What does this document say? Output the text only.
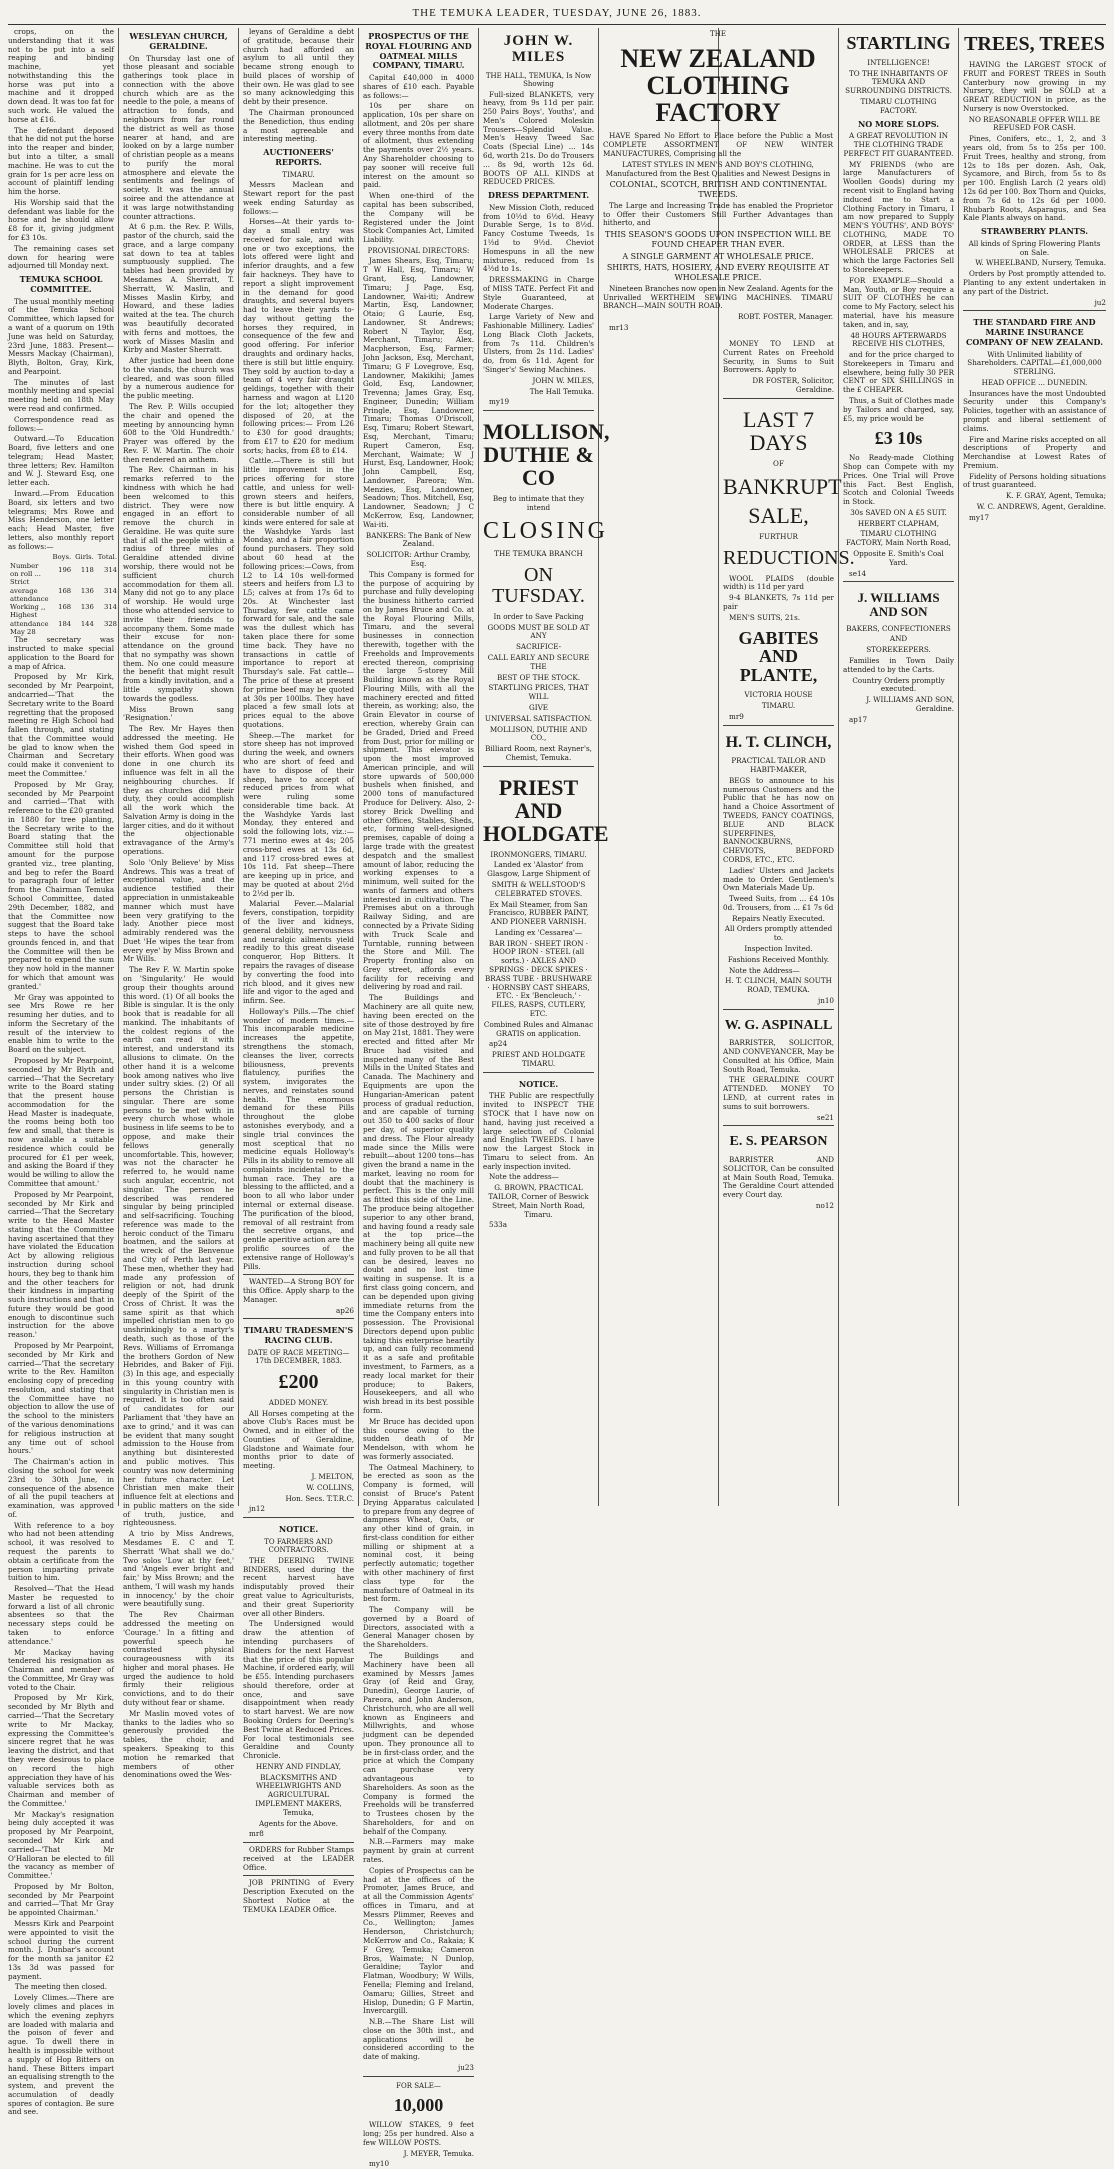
THE TEMUKA LEADER, TUESDAY, JUNE 26, 1883.

crops, on the understanding that it was not to be put into a self reaping and binding machine, yet notwithstanding this the horse was put into a machine and it dropped down dead. It was too fat for such work. He valued the horse at £16.

The defendant deposed that he did not put the horse into the reaper and binder, but into a tilter, a small machine. He was to cut the grain for 1s per acre less on account of plaintiff lending him the horse.

His Worship said that the defendant was liable for the horse and he should allow £8 for it, giving judgment for £3 10s.

The remaining cases set down for hearing were adjourned till Monday next.

TEMUKA SCHOOL COMMITTEE.

The usual monthly meeting of the Temuka School Committee, which lapsed for a want of a quorum on 19th June was held on Saturday, 23rd June, 1883. Present—Messrs Mackay (Chairman), Blyth, Bolton, Gray, Kirk, and Pearpoint.

The minutes of last monthly meeting and special meeting held on 18th May were read and confirmed.

Correspondence read as follows:—

Outward.—To Education Board, five letters and one telegram; Head Master, three letters; Rev. Hamilton and W. J. Steward Esq, one letter each.

Inward.—From Education Board, six letters and two telegrams; Mrs Rowe and Miss Henderson, one letter each; Head Master, five letters, also monthly report as follows:—

	Boys.	Girls.	Total.
Number on roll ...	196	118	314
Strict average attendance	168	136	314
Working ,,	168	136	314
Highest attendance May 28	184	144	328

The secretary was instructed to make special application to the Board for a map of Africa.

Proposed by Mr Kirk, seconded by Mr Pearpoint, andcarried—'That the Secretary write to the Board regretting that the proposed meeting re High School had fallen through, and stating that the Committee would be glad to know when the Chairman and Secretary could make it convenient to meet the Committee.'

Proposed by Mr Gray, seconded by Mr Pearpoint and carried—'That with reference to the £20 granted in 1880 for tree planting, the Secretary write to the Board stating that the Committee still hold that amount for the purpose granted viz., tree planting, and beg to refer the Board to paragraph four of letter from the Chairman Temuka School Committee, dated 29th December, 1882, and that the Committee now suggest that the Board take steps to have the school grounds fenced in, and that the Committee will then be prepared to expend the sum they now hold in the manner for which that amount was granted.'

Mr Gray was appointed to see Mrs Rowe re her resuming her duties, and to inform the Secretary of the result of the interview to enable him to write to the Board on the subject.

Proposed by Mr Pearpoint, seconded by Mr Blyth and carried—'That the Secretary write to the Board stating that the present house accommodation for the Head Master is inadequate, the rooms being both too few and small, that there is now available a suitable residence which could be procured for £1 per week, and asking the Board if they would be willing to allow the Committee that amount.'

Proposed by Mr Pearpoint, seconded by Mr Kirk and carried—'That the Secretary write to the Head Master stating that the Committee having ascertained that they have violated the Education Act by allowing religious instruction during school hours, they beg to thank him and the other teachers for their kindness in imparting such instructions and that in future they would be good enough to discontinue such instruction for the above reason.'

Proposed by Mr Pearpoint, seconded by Mr Kirk and carried—'That the secretary write to the Rev. Hamilton enclosing copy of preceding resolution, and stating that the Committee have no objection to allow the use of the school to the ministers of the various denominations for religious instruction at any time out of school hours.'

The Chairman's action in closing the school for week 23rd to 30th June, in consequence of the absence of all the pupil teachers at examination, was approved of.

With reference to a boy who had not been attending school, it was resolved to request the parents to obtain a certificate from the person imparting private tuition to him.

Resolved—'That the Head Master be requested to forward a list of all chronic absentees so that the necessary steps could be taken to enforce attendance.'

Mr Mackay having tendered his resignation as Chairman and member of the Committee, Mr Gray was voted to the Chair.

Proposed by Mr Kirk, seconded by Mr Blyth and carried—'That the Secretary write to Mr Mackay, expressing the Committee's sincere regret that he was leaving the district, and that they were desirous to place on record the high appreciation they have of his valuable services both as Chairman and member of the Committee.'

Mr Mackay's resignation being duly accepted it was proposed by Mr Pearpoint, seconded Mr Kirk and carried—'That Mr O'Halloran be elected to fill the vacancy as member of Committee.'

Proposed by Mr Bolton, seconded by Mr Pearpoint and carried—'That Mr Gray be appointed Chairman.'

Messrs Kirk and Pearpoint were appointed to visit the school during the current month. J. Dunbar's account for the month sa janitor £2 13s 3d was passed for payment.

The meeting then closed.

Lovely Climes.—There are lovely climes and places in which the evening zephyrs are loaded with malaria and the poison of fever and ague. To dwell there in health is impossible without a supply of Hop Bitters on hand. These Bitters impart an equalising strength to the system, and prevent the accumulation of deadly spores of contagion. Be sure and see.

WESLEYAN CHURCH, GERALDINE.

On Thursday last one of those pleasant and sociable gatherings took place in connection with the above church which are as the needle to the pole, a means of attraction to fonds, and neighbours from far round the district as well as those nearer at hand, and are looked on by a large number of christian people as a means to purify the moral atmosphere and elevate the sentiments and feelings of society. It was the annual soiree and the attendance at it was large notwithstanding counter attractions.

At 6 p.m. the Rev. P. Wills, pastor of the church, said the grace, and a large company sat down to tea at tables sumptuously supplied. The tables had been provided by Mesdames A. Sherratt, T. Sherratt, W. Maslin, and Misses Maslin Kirby, and Howard, and these ladies waited at the tea. The church was beautifully decorated with ferns and mottoes, the work of Misses Maslin and Kirby and Master Sherratt.

After justice had been done to the viands, the church was cleared, and was soon filled by a numerous audience for the public meeting.

The Rev. P. Wills occupied the chair and opened the meeting by announcing hymn 608 to the 'Old Hundredth.' Prayer was offered by the Rev. F. W. Martin. The choir then rendered an anthem.

The Rev. Chairman in his remarks referred to the kindness with which he had been welcomed to this district. They were now engaged in an effort to remove the church in Geraldine. He was quite sure that if all the people within a radius of three miles of Geraldine attended divine worship, there would not be sufficient church accommodation for them all. Many did not go to any place of worship. He would urge those who attended service to invite their friends to accompany them. Some made their excuse for non-attendance on the ground that no sympathy was shown them. No one could measure the benefit that might result from a kindly invitation, and a little sympathy shown towards the godless.

Miss Brown sang 'Resignation.'

The Rev. Mr Hayes then addressed the meeting. He wished them God speed in their efforts. When good was done in one church its influence was felt in all the neighbouring churches. If they as churches did their duty, they could accomplish all the work which the Salvation Army is doing in the larger cities, and do it without the objectionable extravagance of the Army's operations.

Solo 'Only Believe' by Miss Andrews. This was a treat of exceptional value, and the audience testified their appreciation in unmistakeable manner which must have been very gratifying to the lady. Another piece most admirably rendered was the Duet 'He wipes the tear from every eye' by Miss Brown and Mr Wills.

The Rev F. W. Martin spoke on 'Singularity.' He would group their thoughts around this word. (1) Of all books the Bible is singular. It is the only book that is readable for all mankind. The inhabitants of the coldest regions of the earth can read it with interest, and understand its allusions to climate. On the other hand it is a welcome book among natives who live under sultry skies. (2) Of all persons the Christian is singular. There are some persons to be met with in every church whose whole business in life seems to be to oppose, and make their fellows generally uncomfortable. This, however, was not the character he referred to, he would name such angular, eccentric, not singular. The person he described was rendered singular by being principled and self-sacrificing. Touching reference was made to the heroic conduct of the Timaru boatmen, and the sailors at the wreck of the Benvenue and City of Perth last year. These men, whether they had made any profession of religion or not, had drunk deeply of the Spirit of the Cross of Christ. It was the same spirit as that which impelled christian men to go unshrinkingly to a martyr's death, such as those of the Revs. Williams of Erromanga the brothers Gordon of New Hebrides, and Baker of Fiji. (3) In this age, and especially in this young country with singularity in Christian men is required. It is too often said of candidates for our Parliament that 'they have an axe to grind,' and it was can be evident that many sought admission to the House from anything but disinterested and public motives. This country was now determining her future character. Let Christian men make their influence felt at elections and in public matters on the side of truth, justice, and righteousness.

A trio by Miss Andrews, Mesdames E. C and T. Sherratt 'What shall we do.' Two solos 'Low at thy feet,' and 'Angels ever bright and fair,' by Miss Brown; and the anthem, 'I will wash my hands in innocency,' by the choir were beautifully sung.

The Rev Chairman addressed the meeting on 'Courage.' In a fitting and powerful speech he contrasted physical courageousness with its higher and moral phases. He urged the audience to hold firmly their religious convictions, and to do their duty without fear or shame.

Mr Maslin moved votes of thanks to the ladies who so generously provided the tables, the choir, and speakers. Speaking to this motion he remarked that members of other denominations owed the Wes-

leyans of Geraldine a debt of gratitude, because their church had afforded an asylum to all until they became strong enough to build places of worship of their own. He was glad to see so many acknowledging this debt by their presence.

The Chairman pronounced the Benediction, thus ending a most agreeable and interesting meeting.

AUCTIONEERS' REPORTS.
TIMARU.

Messrs Maclean and Stewart report for the past week ending Saturday as follows:—

Horses—At their yards to-day a small entry was received for sale, and with one or two exceptions, the lots offered were light and inferior draughts, and a few fair hackneys. They have to report a slight improvement in the demand for good draughts, and several buyers had to leave their yards to-day without getting the horses they required, in consequence of the few and good offering. For inferior draughts and ordinary hacks, there is still but little enquiry. They sold by auction to-day a team of 4 very fair draught geldings, together with their harness and wagon at L120 for the lot; altogether they disposed of 20, at the following prices:— From L26 to £30 for good draughts; from £17 to £20 for medium sorts; hacks, from £8 to £14.

Cattle.—There is still but little improvement in the prices offering for store cattle, and unless for well-grown steers and heifers, there is but little enquiry. A considerable number of all kinds were entered for sale at the Washdyke Yards last Monday, and a fair proportion found purchasers. They sold about 60 head at the following prices:—Cows, from L2 to L4 10s well-formed steers and heifers from L3 to L5; calves at from 17s 6d to 20s. At Winchester last Thursday, few cattle came forward for sale, and the sale was the dullest which has taken place there for some time back. They have no transactions in cattle of importance to report at Thursday's sale. Fat cattle—The price of these at present for prime beef may be quoted at 30s per 100lbs. They have placed a few small lots at prices equal to the above quotations.

Sheep.—The market for store sheep has not improved during the week, and owners who are short of feed and have to dispose of their sheep, have to accept of reduced prices from what were ruling some considerable time back. At the Washdyke Yards last Monday, they entered and sold the following lots, viz.:—771 merino ewes at 4s; 205 cross-bred ewes at 13s 6d, and 117 cross-bred ewes at 10s 11d. Fat sheep—There are keeping up in price, and may be quoted at about 2½d to 2½d per lb.

Malarial Fever.—Malarial fevers, constipation, torpidity of the liver and kidneys, general debility, nervousness and neuralgic ailments yield readily to this great disease conqueror, Hop Bitters. It repairs the ravages of disease by converting the food into rich blood, and it gives new life and vigor to the aged and infirm. See.

Holloway's Pills.—The chief wonder of modern times.—This incomparable medicine increases the appetite, strengthens the stomach, cleanses the liver, corrects biliousness, prevents flatulency, purifies the system, invigorates the nerves, and reinstates sound health. The enormous demand for these Pills throughout the globe astonishes everybody, and a single trial convinces the most sceptical that no medicine equals Holloway's Pills in its ability to remove all complaints incidental to the human race. They are a blessing to the afflicted, and a boon to all who labor under internal or external disease. The purification of the blood, removal of all restraint from the secretive organs, and gentle aperitive action are the prolific sources of the extensive range of Holloway's Pills.

WANTED—A Strong BOY for this Office. Apply sharp to the Manager.

ap26

TIMARU TRADESMEN'S RACING CLUB.
DATE OF RACE MEETING— 17th DECEMBER, 1883.
£200
ADDED MONEY.

All Horses competing at the above Club's Races must be Owned, and in either of the Counties of Geraldine, Gladstone and Waimate four months prior to date of meeting.

J. MELTON,

W. COLLINS,

Hon. Secs. T.T.R.C.

jn12

NOTICE.
TO FARMERS AND CONTRACTORS.

THE DEERING TWINE BINDERS, used during the recent harvest have indisputably proved their great value to Agriculturists, and their great Superiority over all other Binders.

The Undersigned would draw the attention of intending purchasers of Binders for the next Harvest that the price of this popular Machine, if ordered early, will be £55. Intending purchasers should therefore, order at once, and save disappointment when ready to start harvest. We are now Booking Orders for Deering's Best Twine at Reduced Prices. For local testimonials see Geraldine and County Chronicle.

HENRY AND FINDLAY,

BLACKSMITHS AND WHEELWRIGHTS AND AGRICULTURAL IMPLEMENT MAKERS, Temuka,

Agents for the Above.

mr8

ORDERS for Rubber Stamps received at the LEADER Office.

JOB PRINTING of Every Description Executed on the Shortest Notice at the TEMUKA LEADER Office.

PROSPECTUS OF THE ROYAL FLOURING AND OATMEAL MILLS COMPANY, TIMARU.

Capital £40,000 in 4000 shares of £10 each. Payable as follows:—

10s per share on application, 10s per share on allotment, and 20s per share every three months from date of allotment, thus extending the payments over 2½ years. Any Shareholder choosing to pay sooner will receive full interest on the amount so paid.

When one-third of the capital has been subscribed, the Company will be Registered under the Joint Stock Companies Act, Limited Liability.

PROVISIONAL DIRECTORS:

James Shears, Esq, Timaru; T W Hall, Esq, Timaru; W Grant, Esq, Landowner, Timaru; J Page, Esq, Landowner, Wai-iti; Andrew Martin, Esq, Landowner, Otaio; G Laurie, Esq, Landowner, St Andrews; Robert N Taylor, Esq, Merchant, Timaru; Alex. Macpherson, Esq, Farmer; John Jackson, Esq, Merchant, Timaru; G F Lovegrove, Esq, Landowner, Makikihi; James Gold, Esq, Landowner, Trevenna; James Gray, Esq, Engineer, Dunedin; William Pringle, Esq, Landowner, Timaru; Thomas O'Driscoll, Esq, Timaru; Robert Stewart, Esq, Merchant, Timaru; Rupert Cameron, Esq, Merchant, Waimate; W J Hurst, Esq, Landowner, Hook; John Campbell, Esq, Landowner, Pareora; Wm. Menzies, Esq, Landowner, Seadown; Thos. Mitchell, Esq, Landowner, Seadown; J C McKerrow, Esq, Landowner, Wai-iti.

BANKERS: The Bank of New Zealand.

SOLICITOR: Arthur Cramby, Esq.

This Company is formed for the purpose of acquiring by purchase and fully developing the business hitherto carried on by James Bruce and Co. at the Royal Flouring Mills, Timaru, and the several businesses in connection therewith, together with the Freeholds and Improvements erected thereon, comprising the large 5-storey Mill Building known as the Royal Flouring Mills, with all the machinery erected and fitted therein, as working; also, the Grain Elevator in course of erection, whereby Grain can be Graded, Dried and Freed from Dust, prior for milling or shipment. This elevator is upon the most improved American principle, and will store upwards of 500,000 bushels when finished, and 2000 tons of manufactured Produce for Delivery. Also, 2-storey Brick Dwelling and other Offices, Stables, Sheds, etc, forming well-designed premises, capable of doing a large trade with the greatest despatch and the smallest amount of labor, reducing the working expenses to a minimum, well suited for the wants of farmers and others interested in cultivation. The Premises abut on a through Railway Siding, and are connected by a Private Siding with Truck Scale and Turntable, running between the Store and Mill. The Property fronting also on Grey street, affords every facility for receiving and delivering by road and rail.

The Buildings and Machinery are all quite new, having been erected on the site of those destroyed by fire on May 21st, 1881. They were erected and fitted after Mr Bruce had visited and inspected many of the Best Mills in the United States and Canada. The Machinery and Equipments are upon the Hungarian-American patent process of gradual reduction, and are capable of turning out 350 to 400 sacks of flour per day, of superior quality and dress. The Flour already made since the Mills were rebuilt—about 1200 tons—has given the brand a name in the market, leaving no room for doubt that the machinery is perfect. This is the only mill as fitted this side of the Line. The produce being altogether superior to any other brand, and having found a ready sale at the top price—the machinery being all quite new and fully proven to be all that can be desired, leaves no doubt and no lost time waiting in suspense. It is a first class going concern, and can be depended upon giving immediate returns from the time the Company enters into possession. The Provisional Directors depend upon public taking this enterprise heartily up, and can fully recommend it as a safe and profitable investment, to Farmers, as a ready local market for their produce; to Bakers, Housekeepers, and all who wish bread in its best possible form.

Mr Bruce has decided upon this course owing to the sudden death of Mr Mendelson, with whom he was formerly associated.

The Oatmeal Machinery, to be erected as soon as the Company is formed, will consist of Bruce's Patent Drying Apparatus calculated to prepare from any degree of dampness Wheat, Oats, or any other kind of grain, in first-class condition for either milling or shipment at a nominal cost, it being perfectly automatic; together with other machinery of first class type for the manufacture of Oatmeal in its best form.

The Company will be governed by a Board of Directors, associated with a General Manager chosen by the Shareholders.

The Buildings and Machinery have been all examined by Messrs James Gray (of Reid and Gray, Dunedin), George Laurie, of Pareora, and John Anderson, Christchurch, who are all well known as Engineers and Millwrights, and whose judgment can be depended upon. They pronounce all to be in first-class order, and the price at which the Company can purchase very advantageous to Shareholders. As soon as the Company is formed the Freeholds will be transferred to Trustees chosen by the Shareholders, for and on behalf of the Company.

N.B.—Farmers may make payment by grain at current rates.

Copies of Prospectus can be had at the offices of the Promoter, James Bruce, and at all the Commission Agents' offices in Timaru, and at Messrs Plimmer, Reeves and Co., Wellington; James Henderson, Christchurch; McKerrow and Co., Rakaia; K F Grey, Temuka; Cameron Bros, Waimate; N Dunlop, Geraldine; Taylor and Flatman, Woodbury; W Wills, Fenella; Fleming and Ireland, Oamaru; Gillies, Street and Hislop, Dunedin; G F Martin, Invercargill.

N.B.—The Share List will close on the 30th inst., and applications will be considered according to the date of making.

ju23

FOR SALE—
10,000

WILLOW STAKES, 9 feet long; 25s per hundred. Also a few WILLOW POSTS.

J. MEYER, Temuka.

my10

JOHN W. MILES
THE HALL, TEMUKA, Is Now Showing

Full-sized BLANKETS, very heavy, from 9s 11d per pair. 250 Pairs Boys', Youths', and Men's Colored Moleskin Trousers—Splendid Value. Men's Heavy Tweed Sac Coats (Special Line) ... 14s 6d, worth 21s. Do do Trousers ... 8s 9d, worth 12s 6d. BOOTS OF ALL KINDS at REDUCED PRICES.

DRESS DEPARTMENT.

New Mission Cloth, reduced from 10½d to 6½d. Heavy Durable Serge, 1s to 8½d. Fancy Costume Tweeds, 1s 1½d to 9½d. Cheviot Homespuns in all the new mixtures, reduced from 1s 4½d to 1s.

DRESSMAKING in Charge of MISS TATE. Perfect Fit and Style Guaranteed, at Moderate Charges.

Large Variety of New and Fashionable Millinery. Ladies' Long Black Cloth Jackets, from 7s 11d. Children's Ulsters, from 2s 11d. Ladies' do, from 6s 11d. Agent for 'Singer's' Sewing Machines.

JOHN W. MILES,

The Hall Temuka.

my19

MOLLISON, DUTHIE & CO

Beg to intimate that they intend

CLOSING

THE TEMUKA BRANCH

ON TUFSDAY.

In order to Save Packing

GOODS MUST BE SOLD AT ANY

SACRIFICE-

CALL EARLY AND SECURE THE

BEST OF THE STOCK.

STARTLING PRICES, THAT WILL

GIVE

UNIVERSAL SATISFACTION.

MOLLISON, DUTHIE AND CO.,

Billiard Room, next Rayner's, Chemist, Temuka.

PRIEST AND HOLDGATE
IRONMONGERS, TIMARU.

Landed ex 'Alastor' from Glasgow, Large Shipment of

SMITH & WELLSTOOD'S CELEBRATED STOVES.

Ex Mail Steamer, from San Francisco, RUBBER PAINT, AND PIONEER VARNISH.

Landing ex 'Cessarea'—

BAR IRON · SHEET IRON · HOOP IRON · STEEL (all sorts.) · AXLES AND SPRINGS · DECK SPIKES · BRASS TUBE · BRUSHWARE · HORNSBY CAST SHEARS, ETC. · Ex 'Bencleuch,' · FILES, RASPS, CUTLERY, ETC.

Combined Rules and Almanac GRATIS on application.

ap24

PRIEST AND HOLDGATE TIMARU.

NOTICE.

THE Public are respectfully invited to INSPECT THE STOCK that I have now on hand, having just received a large selection of Colonial and English TWEEDS. I have now the Largest Stock in Timaru to select from. An early inspection invited.

Note the address—

G. BROWN, PRACTICAL TAILOR, Corner of Beswick Street, Main North Road, Timaru.

533a

THE
NEW ZEALAND CLOTHING FACTORY

HAVE Spared No Effort to Place before the Public a Most COMPLETE ASSORTMENT OF NEW WINTER MANUFACTURES, Comprising all the

LATEST STYLES IN MEN'S AND BOY'S CLOTHING, Manufactured from the Best Qualities and Newest Designs in

COLONIAL, SCOTCH, BRITISH AND CONTINENTAL TWEEDS.

The Large and Increasing Trade has enabled the Proprietor to Offer their Customers Still Further Advantages than hitherto, and

THIS SEASON'S GOODS UPON INSPECTION WILL BE FOUND CHEAPER THAN EVER.

A SINGLE GARMENT AT WHOLESALE PRICE.

SHIRTS, HATS, HOSIERY, AND EVERY REQUISITE AT WHOLESALE PRICE.

Nineteen Branches now open in New Zealand. Agents for the Unrivalled WERTHEIM SEWING MACHINES. TIMARU BRANCH—MAIN SOUTH ROAD.

ROBT. FOSTER, Manager.

mr13

MONEY TO LEND at Current Rates on Freehold Security, in Sums to Suit Borrowers. Apply to

DR FOSTER, Solicitor, Geraldine.

LAST 7 DAYS

OF

BANKRUPT
SALE,

FURTHUR

REDUCTIONS.

WOOL PLAIDS (double width) is 11d per yard

9-4 BLANKETS, 7s 11d per pair

MEN'S SUITS, 21s.

GABITES AND PLANTE,

VICTORIA HOUSE

TIMARU.

mr9

H. T. CLINCH,

PRACTICAL TAILOR AND HABIT-MAKER,

BEGS to announce to his numerous Customers and the Public that he has now on hand a Choice Assortment of TWEEDS, FANCY COATINGS, BLUE AND BLACK SUPERFINES, BANNOCKBURNS, CHEVIOTS, BEDFORD CORDS, ETC., ETC.

Ladies' Ulsters and Jackets made to Order. Gentlemen's Own Materials Made Up.

Tweed Suits, from ... £4 10s 0d. Trousers, from ... £1 7s 6d

Repairs Neatly Executed.

All Orders promptly attended to.

Inspection Invited.

Fashions Received Monthly.

Note the Address—

H. T. CLINCH, MAIN SOUTH ROAD, TEMUKA.

jn10

W. G. ASPINALL

BARRISTER, SOLICITOR, AND CONVEYANCER, May be Consulted at his Office, Main South Road, Temuka.

THE GERALDINE COURT ATTENDED. MONEY TO LEND, at current rates in sums to suit borrowers.

se21

E. S. PEARSON

BARRISTER AND SOLICITOR, Can be consulted at Main South Road, Temuka. The Geraldine Court attended every Court day.

no12

STARTLING

INTELLIGENCE!

TO THE INHABITANTS OF TEMUKA AND SURROUNDING DISTRICTS.

TIMARU CLOTHING FACTORY.

NO MORE SLOPS.

A GREAT REVOLUTION IN THE CLOTHING TRADE PERFECT FIT GUARANTEED.

MY FRIENDS (who are large Manufacturers of Woollen Goods) during my recent visit to England having induced me to Start a Clothing Factory in Timaru, I am now prepared to Supply MEN'S YOUTHS', AND BOYS' CLOTHING, MADE TO ORDER, at LESS than the WHOLESALE PRICES at which the large Factories Sell to Storekeepers.

FOR EXAMPLE—Should a Man, Youth, or Boy require a SUIT OF CLOTHES he can come to My Factory, select his material, have his measure taken, and in, say,

48 HOURS AFTERWARDS RECEIVE HIS CLOTHES,

and for the price charged to Storekeepers in Timaru and elsewhere, being fully 30 PER CENT or SIX SHILLINGS in the £ CHEAPER.

Thus, a Suit of Clothes made by Tailors and charged, say, £5, my price would be

£3 10s

No Ready-made Clothing Shop can Compete with my Prices. One Trial will Prove this Fact. Best English, Scotch and Colonial Tweeds in Stock.

30s SAVED ON A £5 SUIT.

HERBERT CLAPHAM,

TIMARU CLOTHING FACTORY, Main North Road,

Opposite E. Smith's Coal Yard.

se14

J. WILLIAMS AND SON

BAKERS, CONFECTIONERS

AND

STOREKEEPERS.

Families in Town Daily attended to by the Carts.

Country Orders promptly executed.

J. WILLIAMS AND SON, Geraldine.

ap17

TREES, TREES

HAVING the LARGEST STOCK of FRUIT and FOREST TREES in South Canterbury now growing in my Nursery, they will be SOLD at a GREAT REDUCTION in price, as the Nursery is now Overstocked.

NO REASONABLE OFFER WILL BE REFUSED FOR CASH.

Pines, Conifers, etc., 1, 2, and 3 years old, from 5s to 25s per 100. Fruit Trees, healthy and strong, from 12s to 18s per dozen. Ash, Oak, Sycamore, and Birch, from 5s to 8s per 100. English Larch (2 years old) 12s 6d per 100. Box Thorn and Quicks, from 7s 6d to 12s 6d per 1000. Rhubarb Roots, Asparagus, and Sea Kale Plants always on hand.

STRAWBERRY PLANTS.

All kinds of Spring Flowering Plants on Sale.

W. WHEELBAND, Nursery, Temuka.

Orders by Post promptly attended to. Planting to any extent undertaken in any part of the District.

ju2

THE STANDARD FIRE AND MARINE INSURANCE COMPANY OF NEW ZEALAND.

With Unlimited liability of Shareholders. CAPITAL—£1,000,000 STERLING.

HEAD OFFICE ... DUNEDIN.

Insurances have the most Undoubted Security under this Company's Policies, together with an assistance of prompt and liberal settlement of claims.

Fire and Marine risks accepted on all descriptions of Property and Merchandise at Lowest Rates of Premium.

Fidelity of Persons holding situations of trust guaranteed.

K. F. GRAY, Agent, Temuka;

W. C. ANDREWS, Agent, Geraldine.

my17
